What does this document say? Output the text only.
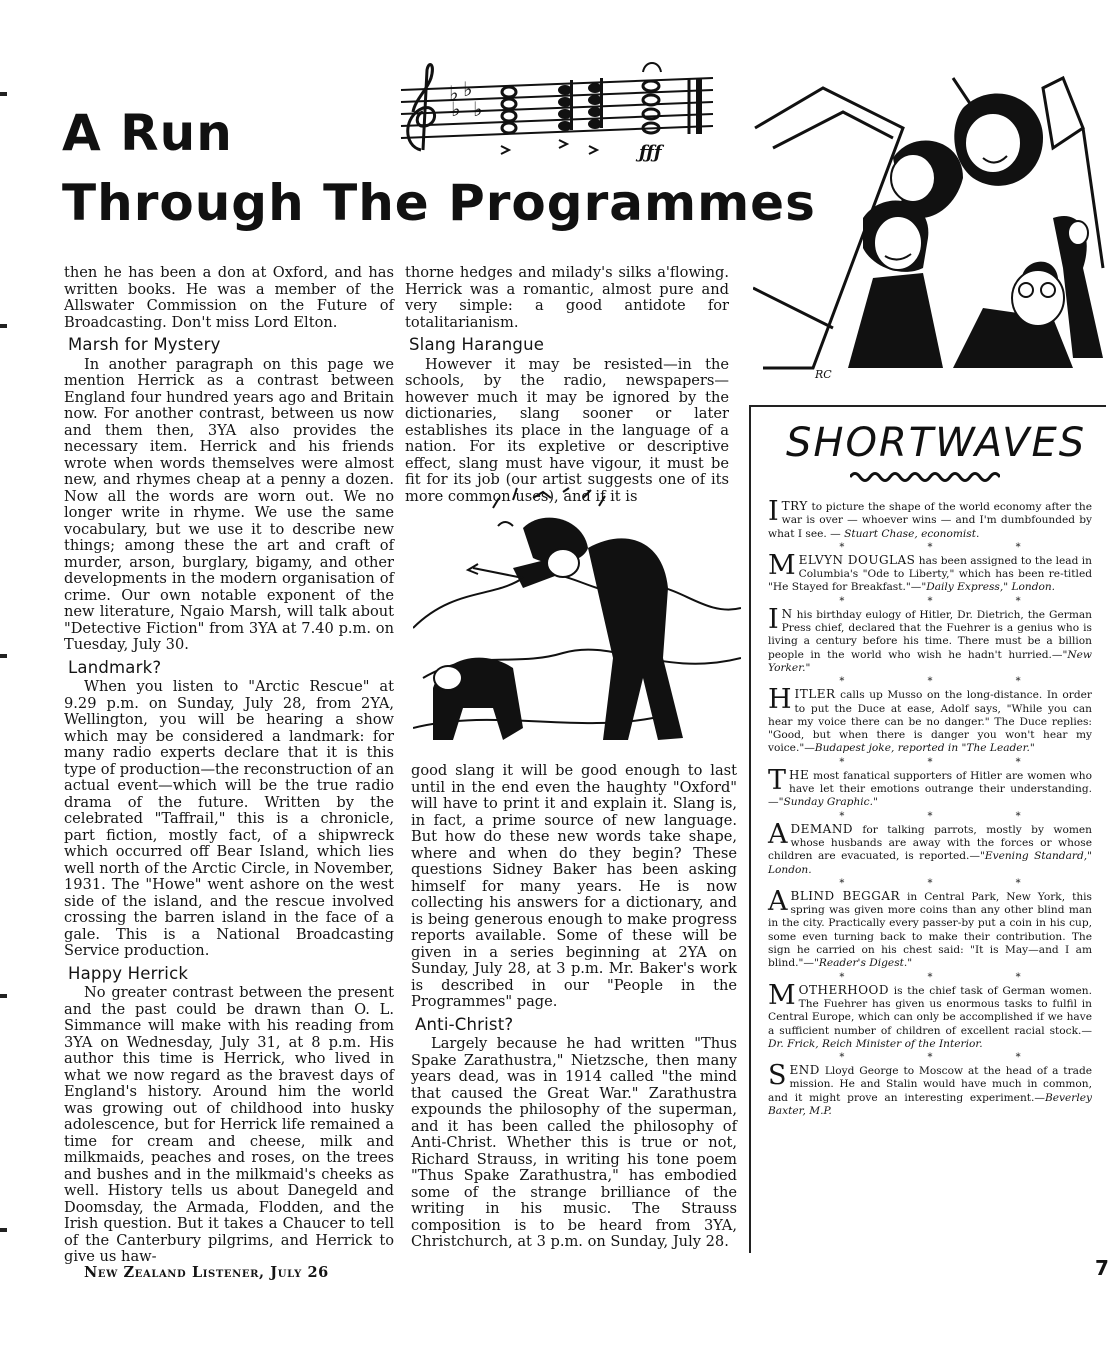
A Run
Through The Programmes
♭ ♭
♭ ♭
ƒƒƒ
RC

then he has been a don at Oxford, and has written books. He was a member of the Allswater Commission on the Future of Broadcasting. Don't miss Lord Elton.

Marsh for Mystery

In another paragraph on this page we mention Herrick as a contrast between England four hundred years ago and Britain now. For another contrast, between us now and them then, 3YA also provides the necessary item. Herrick and his friends wrote when words themselves were almost new, and rhymes cheap at a penny a dozen. Now all the words are worn out. We no longer write in rhyme. We use the same vocabulary, but we use it to describe new things; among these the art and craft of murder, arson, burglary, bigamy, and other developments in the modern organisation of crime. Our own notable exponent of the new literature, Ngaio Marsh, will talk about "Detective Fiction" from 3YA at 7.40 p.m. on Tuesday, July 30.

Landmark?

When you listen to "Arctic Rescue" at 9.29 p.m. on Sunday, July 28, from 2YA, Wellington, you will be hearing a show which may be considered a landmark: for many radio experts declare that it is this type of production—the reconstruction of an actual event—which will be the true radio drama of the future. Written by the celebrated "Taffrail," this is a chronicle, part fiction, mostly fact, of a shipwreck which occurred off Bear Island, which lies well north of the Arctic Circle, in November, 1931. The "Howe" went ashore on the west side of the island, and the rescue involved crossing the barren island in the face of a gale. This is a National Broadcasting Service production.

Happy Herrick

No greater contrast between the present and the past could be drawn than O. L. Simmance will make with his reading from 3YA on Wednesday, July 31, at 8 p.m. His author this time is Herrick, who lived in what we now regard as the bravest days of England's history. Around him the world was growing out of childhood into husky adolescence, but for Herrick life remained a time for cream and cheese, milk and milkmaids, peaches and roses, on the trees and bushes and in the milkmaid's cheeks as well. History tells us about Danegeld and Doomsday, the Armada, Flodden, and the Irish question. But it takes a Chaucer to tell of the Canterbury pilgrims, and Herrick to give us haw-

thorne hedges and milady's silks a'flowing. Herrick was a romantic, almost pure and very simple: a good antidote for totalitarianism.

Slang Harangue

However it may be resisted—in the schools, by the radio, newspapers—however much it may be ignored by the dictionaries, slang sooner or later establishes its place in the language of a nation. For its expletive or descriptive effect, slang must have vigour, it must be fit for its job (our artist suggests one of its more common uses), and if it is

good slang it will be good enough to last until in the end even the haughty "Oxford" will have to print it and explain it. Slang is, in fact, a prime source of new language. But how do these new words take shape, where and when do they begin? These questions Sidney Baker has been asking himself for many years. He is now collecting his answers for a dictionary, and is being generous enough to make progress reports available. Some of these will be given in a series beginning at 2YA on Sunday, July 28, at 3 p.m. Mr. Baker's work is described in our "People in the Programmes" page.

Anti-Christ?

Largely because he had written "Thus Spake Zarathustra," Nietzsche, then many years dead, was in 1914 called "the mind that caused the Great War." Zarathustra expounds the philosophy of the superman, and it has been called the philosophy of Anti-Christ. Whether this is true or not, Richard Strauss, in writing his tone poem "Thus Spake Zarathustra," has embodied some of the strange brilliance of the writing in his music. The Strauss composition is to be heard from 3YA, Christchurch, at 3 p.m. on Sunday, July 28.

SHORTWAVES

I TRY to picture the shape of the world economy after the war is over — whoever wins — and I'm dumbfounded by what I see. — Stuart Chase, economist.

* * *

MELVYN DOUGLAS has been assigned to the lead in Columbia's "Ode to Liberty," which has been re-titled "He Stayed for Breakfast."—"Daily Express," London.

* * *

I N his birthday eulogy of Hitler, Dr. Dietrich, the German Press chief, declared that the Fuehrer is a genius who is living a century before his time. There must be a billion people in the world who wish he hadn't hurried.—"New Yorker."

* * *

HITLER calls up Musso on the long-distance. In order to put the Duce at ease, Adolf says, "While you can hear my voice there can be no danger." The Duce replies: "Good, but when there is danger you won't hear my voice."—Budapest joke, reported in "The Leader."

* * *

THE most fanatical supporters of Hitler are women who have let their emotions outrange their understanding.—"Sunday Graphic."

* * *

A DEMAND for talking parrots, mostly by women whose husbands are away with the forces or whose children are evacuated, is reported.—"Evening Standard," London.

* * *

A BLIND BEGGAR in Central Park, New York, this spring was given more coins than any other blind man in the city. Practically every passer-by put a coin in his cup, some even turning back to make their contribution. The sign he carried on his chest said: "It is May—and I am blind."—"Reader's Digest."

* * *

MOTHERHOOD is the chief task of German women. The Fuehrer has given us enormous tasks to fulfil in Central Europe, which can only be accomplished if we have a sufficient number of children of excellent racial stock.—Dr. Frick, Reich Minister of the Interior.

* * *

SEND Lloyd George to Moscow at the head of a trade mission. He and Stalin would have much in common, and it might prove an interesting experiment.—Beverley Baxter, M.P.

New Zealand Listener, July 26	7
